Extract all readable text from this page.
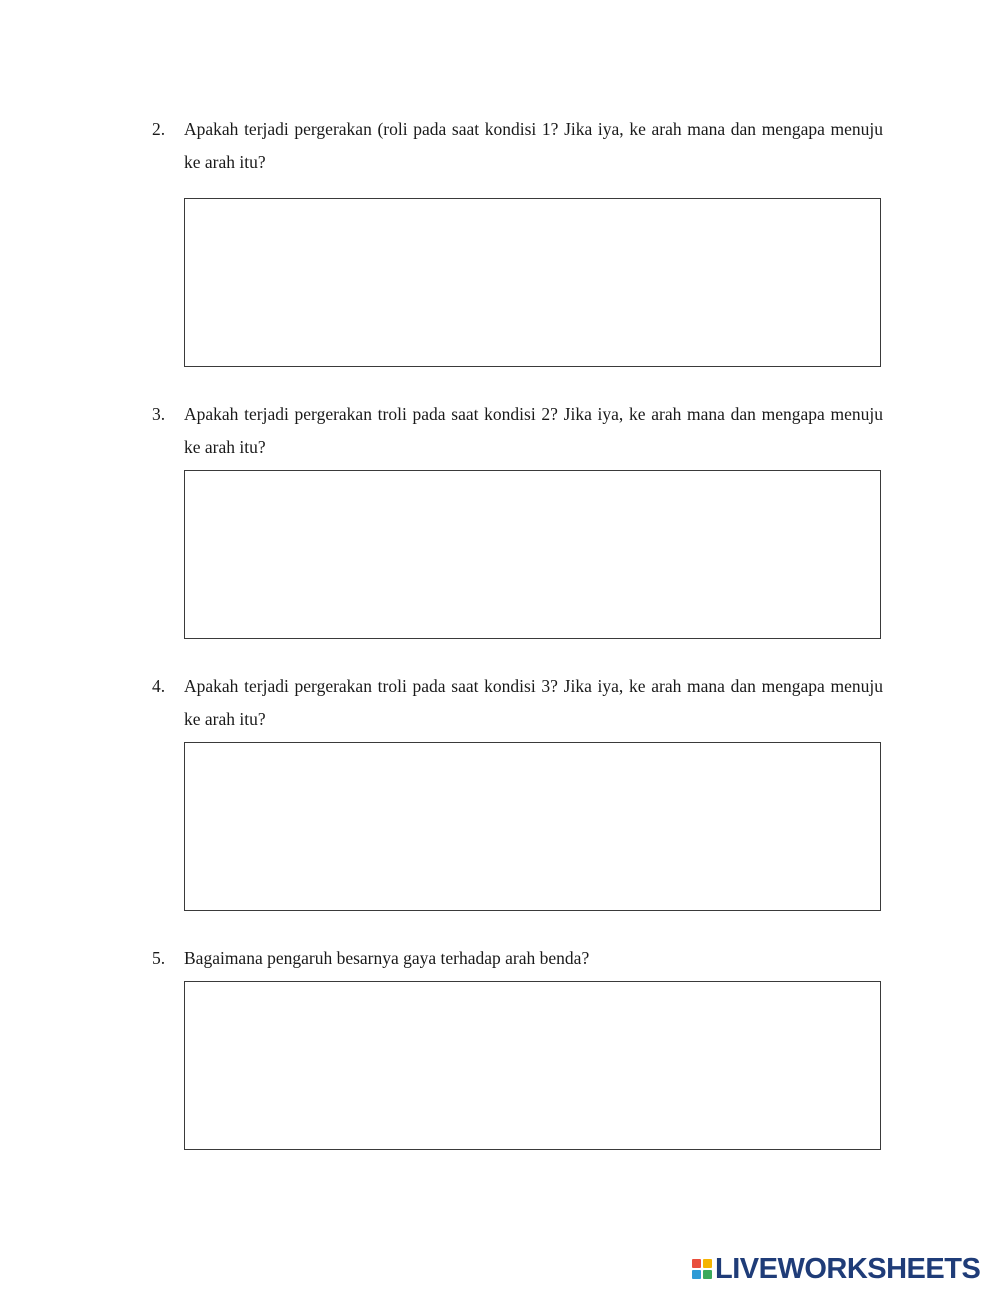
2.	Apakah terjadi pergerakan (roli pada saat kondisi 1? Jika iya, ke arah mana dan mengapa menuju ke arah itu?
3.	Apakah terjadi pergerakan troli pada saat kondisi 2? Jika iya, ke arah mana dan mengapa menuju ke arah itu?
4.	Apakah terjadi pergerakan troli pada saat kondisi 3? Jika iya, ke arah mana dan mengapa menuju ke arah itu?
5.	Bagaimana pengaruh besarnya gaya terhadap arah benda?
LIVEWORKSHEETS
